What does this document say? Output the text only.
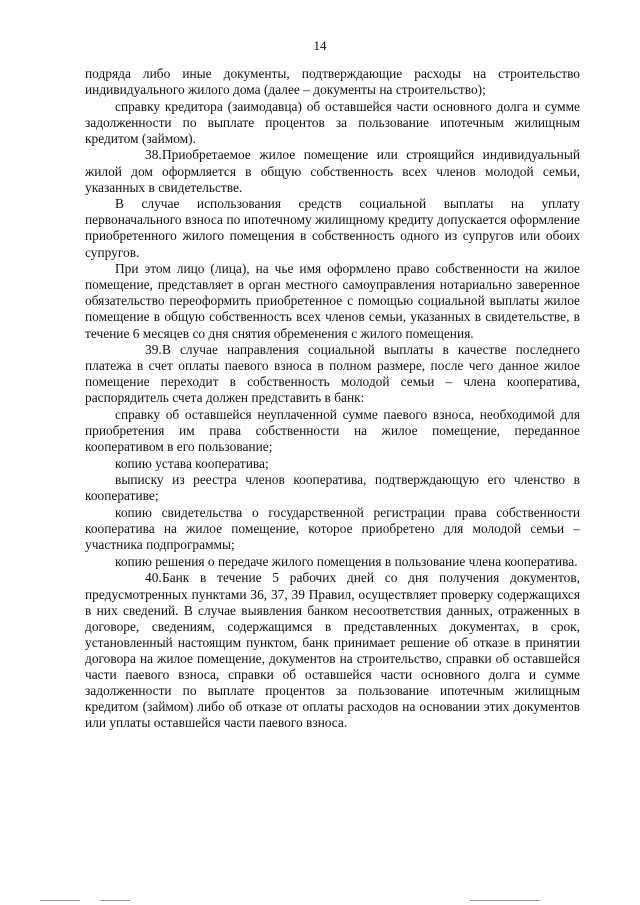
14

подряда либо иные документы, подтверждающие расходы на строительство индивидуального жилого дома (далее – документы на строительство);

справку кредитора (заимодавца) об оставшейся части основного долга и сумме задолженности по выплате процентов за пользование ипотечным жилищным кредитом (займом).

38.Приобретаемое жилое помещение или строящийся индивидуальный жилой дом оформляется в общую собственность всех членов молодой семьи, указанных в свидетельстве.

В случае использования средств социальной выплаты на уплату первоначального взноса по ипотечному жилищному кредиту допускается оформление приобретенного жилого помещения в собственность одного из супругов или обоих супругов.

При этом лицо (лица), на чье имя оформлено право собственности на жилое помещение, представляет в орган местного самоуправления нотариально заверенное обязательство переоформить приобретенное с помощью социальной выплаты жилое помещение в общую собственность всех членов семьи, указанных в свидетельстве, в течение 6 месяцев со дня снятия обременения с жилого помещения.

39.В случае направления социальной выплаты в качестве последнего платежа в счет оплаты паевого взноса в полном размере, после чего данное жилое помещение переходит в собственность молодой семьи – члена кооператива, распорядитель счета должен представить в банк:

справку об оставшейся неуплаченной сумме паевого взноса, необходимой для приобретения им права собственности на жилое помещение, переданное кооперативом в его пользование;

копию устава кооператива;

выписку из реестра членов кооператива, подтверждающую его членство в кооперативе;

копию свидетельства о государственной регистрации права собственности кооператива на жилое помещение, которое приобретено для молодой семьи – участника подпрограммы;

копию решения о передаче жилого помещения в пользование члена кооператива.

40.Банк в течение 5 рабочих дней со дня получения документов, предусмотренных пунктами 36, 37, 39 Правил, осуществляет проверку содержащихся в них сведений. В случае выявления банком несоответствия данных, отраженных в договоре, сведениям, содержащимся в представленных документах, в срок, установленный настоящим пунктом, банк принимает решение об отказе в принятии договора на жилое помещение, документов на строительство, справки об оставшейся части паевого взноса, справки об оставшейся части основного долга и сумме задолженности по выплате процентов за пользование ипотечным жилищным кредитом (займом) либо об отказе от оплаты расходов на основании этих документов или уплаты оставшейся части паевого взноса.
